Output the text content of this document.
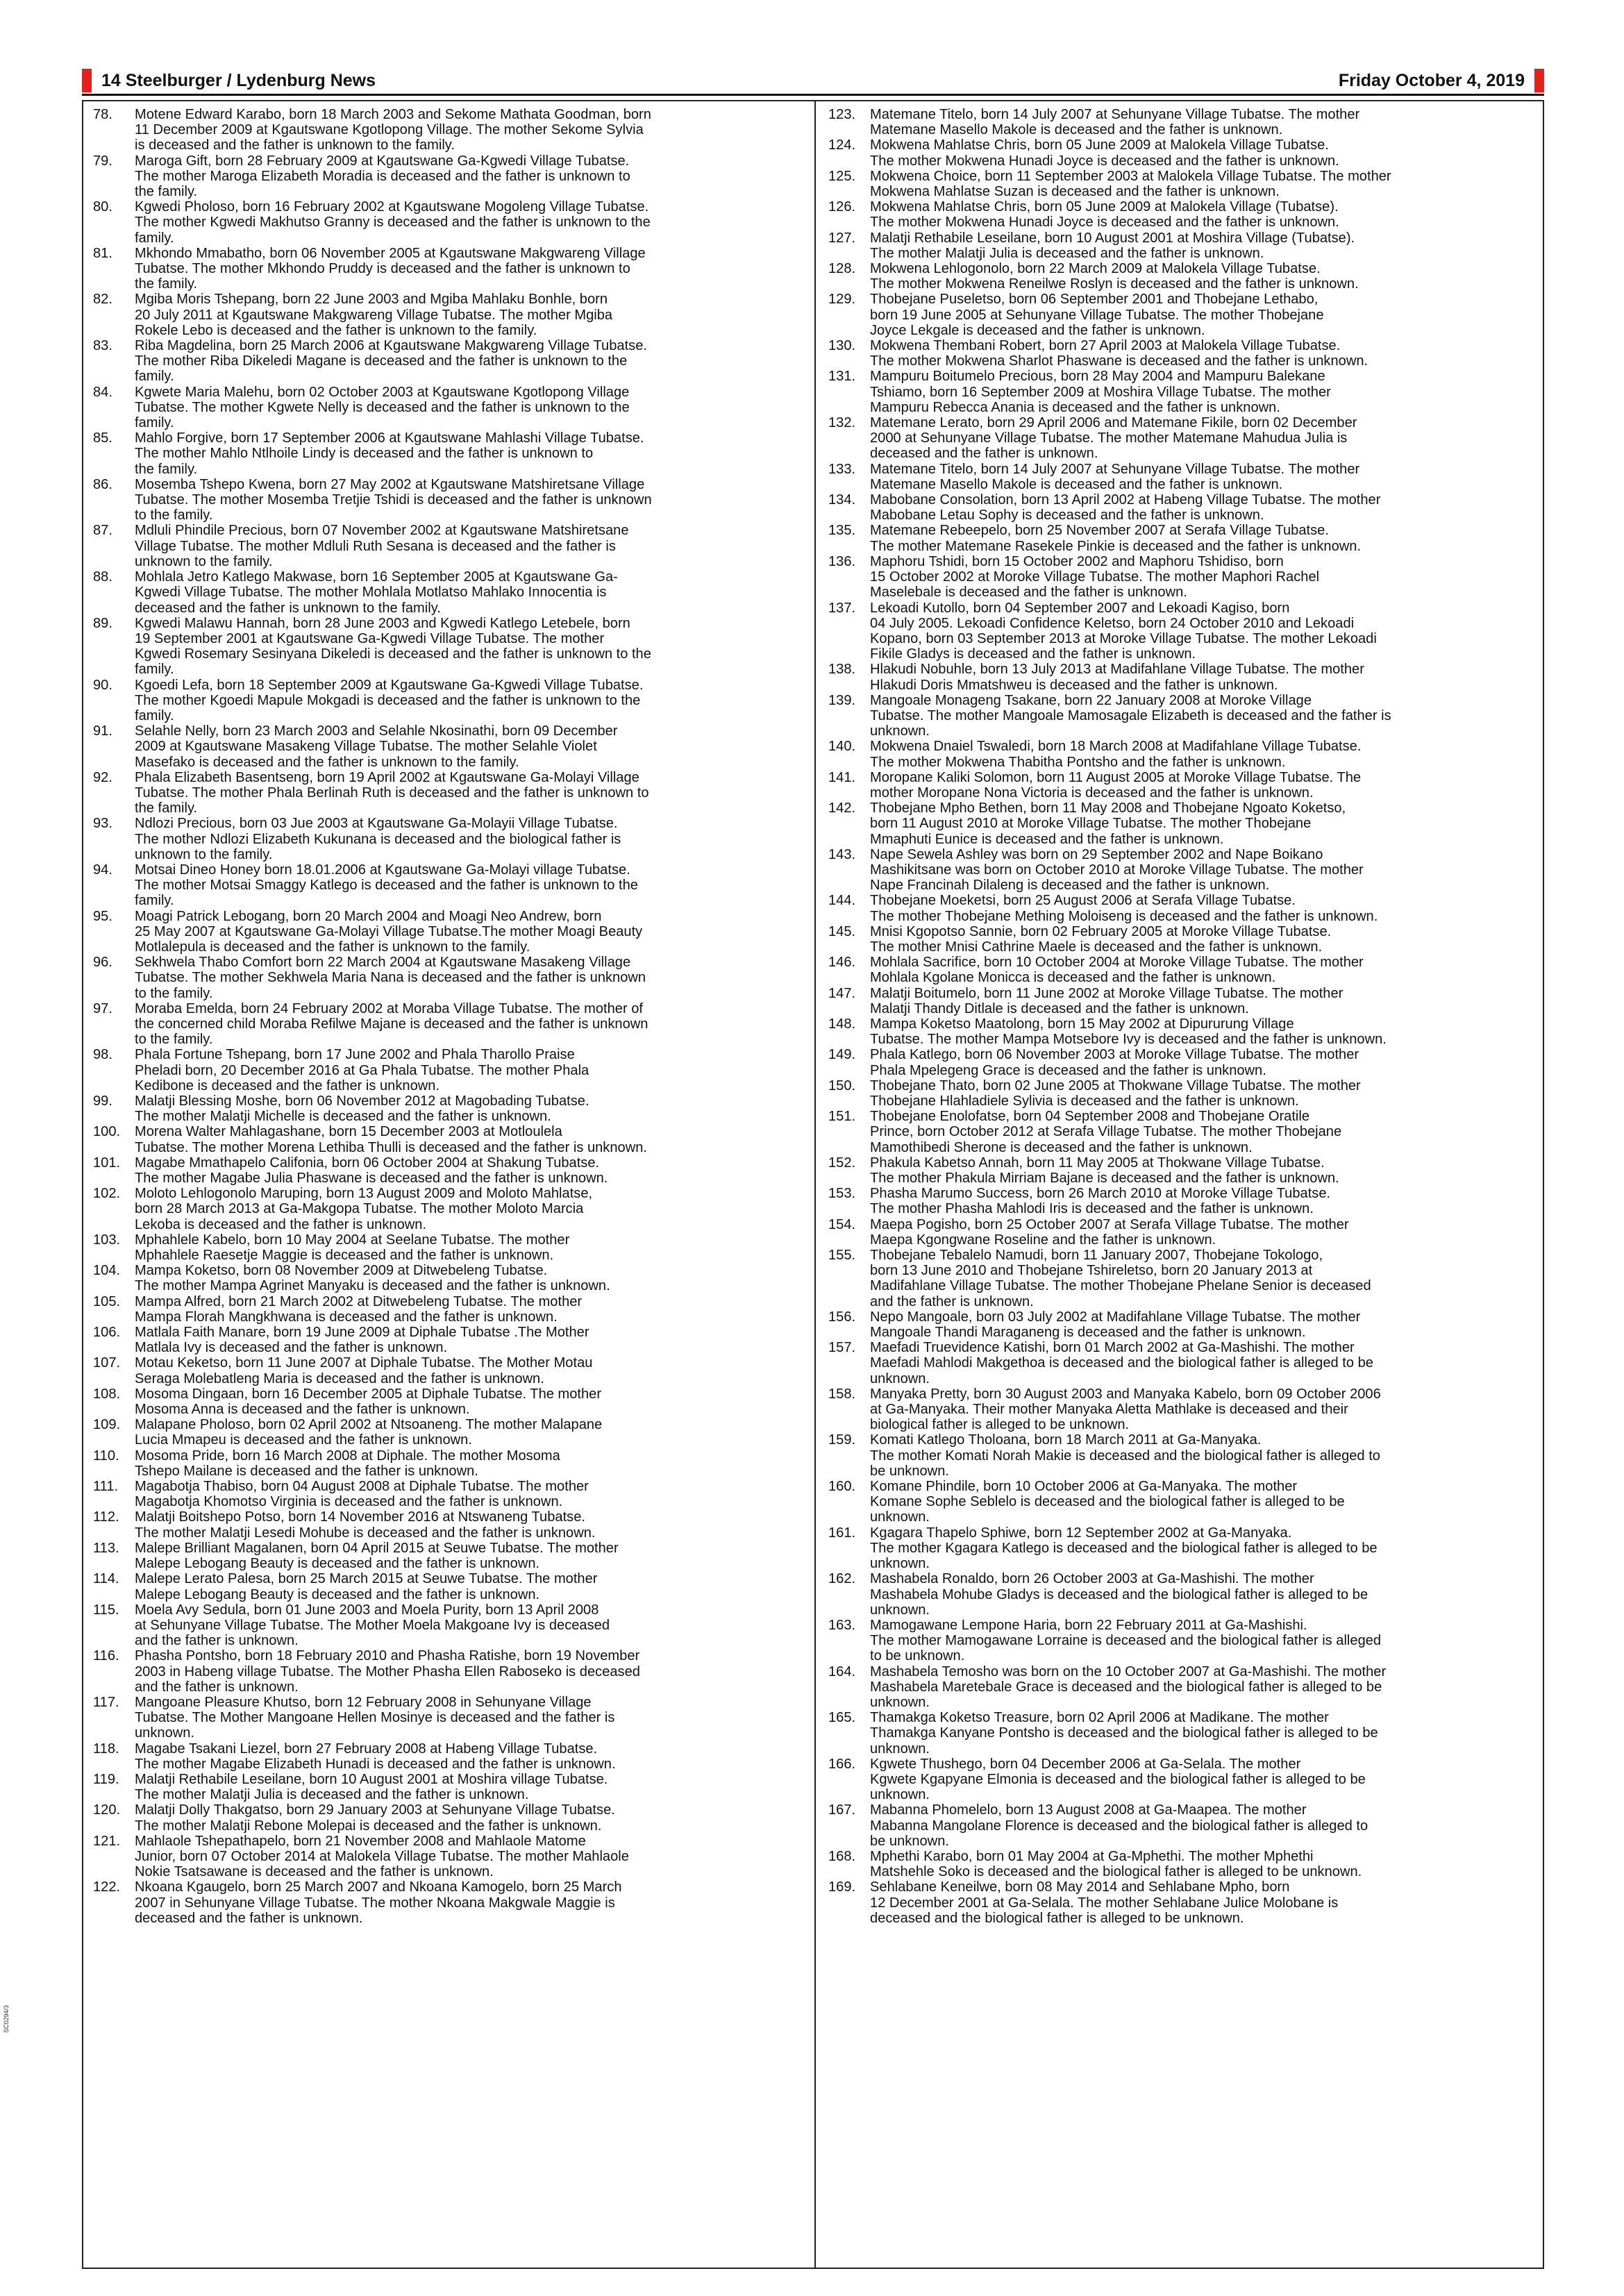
14 Steelburger / Lydenburg News	Friday October 4, 2019
78.	Motene Edward Karabo, born 18 March 2003 and Sekome Mathata Goodman, born
11 December 2009 at Kgautswane Kgotlopong Village. The mother Sekome Sylvia
is deceased and the father is unknown to the family.
79.	Maroga Gift, born 28 February 2009 at Kgautswane Ga-Kgwedi Village Tubatse.
The mother Maroga Elizabeth Moradia is deceased and the father is unknown to
the family.
80.	Kgwedi Pholoso, born 16 February 2002 at Kgautswane Mogoleng Village Tubatse.
The mother Kgwedi Makhutso Granny is deceased and the father is unknown to the
family.
81.	Mkhondo Mmabatho, born 06 November 2005 at Kgautswane Makgwareng Village
Tubatse. The mother Mkhondo Pruddy is deceased and the father is unknown to
the family.
82.	Mgiba Moris Tshepang, born 22 June 2003 and Mgiba Mahlaku Bonhle, born
20 July 2011 at Kgautswane Makgwareng Village Tubatse. The mother Mgiba
Rokele Lebo is deceased and the father is unknown to the family.
83.	Riba Magdelina, born 25 March 2006 at Kgautswane Makgwareng Village Tubatse.
The mother Riba Dikeledi Magane is deceased and the father is unknown to the
family.
84.	Kgwete Maria Malehu, born 02 October 2003 at Kgautswane Kgotlopong Village
Tubatse. The mother Kgwete Nelly is deceased and the father is unknown to the
family.
85.	Mahlo Forgive, born 17 September 2006 at Kgautswane Mahlashi Village Tubatse.
The mother Mahlo Ntlhoile Lindy is deceased and the father is unknown to
the family.
86.	Mosemba Tshepo Kwena, born 27 May 2002 at Kgautswane Matshiretsane Village
Tubatse. The mother Mosemba Tretjie Tshidi is deceased and the father is unknown
to the family.
87.	Mdluli Phindile Precious, born 07 November 2002 at Kgautswane Matshiretsane
Village Tubatse. The mother Mdluli Ruth Sesana is deceased and the father is
unknown to the family.
88.	Mohlala Jetro Katlego Makwase, born 16 September 2005 at Kgautswane Ga-
Kgwedi Village Tubatse. The mother Mohlala Motlatso Mahlako Innocentia is
deceased and the father is unknown to the family.
89.	Kgwedi Malawu Hannah, born 28 June 2003 and Kgwedi Katlego Letebele, born
19 September 2001 at Kgautswane Ga-Kgwedi Village Tubatse. The mother
Kgwedi Rosemary Sesinyana Dikeledi is deceased and the father is unknown to the
family.
90.	Kgoedi Lefa, born 18 September 2009 at Kgautswane Ga-Kgwedi Village Tubatse.
The mother Kgoedi Mapule Mokgadi is deceased and the father is unknown to the
family.
91.	Selahle Nelly, born 23 March 2003 and Selahle Nkosinathi, born 09 December
2009 at Kgautswane Masakeng Village Tubatse. The mother Selahle Violet
Masefako is deceased and the father is unknown to the family.
92.	Phala Elizabeth Basentseng, born 19 April 2002 at Kgautswane Ga-Molayi Village
Tubatse. The mother Phala Berlinah Ruth is deceased and the father is unknown to
the family.
93.	Ndlozi Precious, born 03 Jue 2003 at Kgautswane Ga-Molayii Village Tubatse.
The mother Ndlozi Elizabeth Kukunana is deceased and the biological father is
unknown to the family.
94.	Motsai Dineo Honey born 18.01.2006 at Kgautswane Ga-Molayi village Tubatse.
The mother Motsai Smaggy Katlego is deceased and the father is unknown to the
family.
95.	Moagi Patrick Lebogang, born 20 March 2004 and Moagi Neo Andrew, born
25 May 2007 at Kgautswane Ga-Molayi Village Tubatse.The mother Moagi Beauty
Motlalepula is deceased and the father is unknown to the family.
96.	Sekhwela Thabo Comfort born 22 March 2004 at Kgautswane Masakeng Village
Tubatse. The mother Sekhwela Maria Nana is deceased and the father is unknown
to the family.
97.	Moraba Emelda, born 24 February 2002 at Moraba Village Tubatse. The mother of
the concerned child Moraba Refilwe Majane is deceased and the father is unknown
to the family.
98.	Phala Fortune Tshepang, born 17 June 2002 and Phala Tharollo Praise
Pheladi born, 20 December 2016 at Ga Phala Tubatse. The mother Phala
Kedibone is deceased and the father is unknown.
99.	Malatji Blessing Moshe, born 06 November 2012 at Magobading Tubatse.
The mother Malatji Michelle is deceased and the father is unknown.
100.	Morena Walter Mahlagashane, born 15 December 2003 at Motloulela
Tubatse. The mother Morena Lethiba Thulli is deceased and the father is unknown.
101.	Magabe Mmathapelo Califonia, born 06 October 2004 at Shakung Tubatse.
The mother Magabe Julia Phaswane is deceased and the father is unknown.
102.	Moloto Lehlogonolo Maruping, born 13 August 2009 and Moloto Mahlatse,
born 28 March 2013 at Ga-Makgopa Tubatse. The mother Moloto Marcia
Lekoba is deceased and the father is unknown.
103.	Mphahlele Kabelo, born 10 May 2004 at Seelane Tubatse. The mother
Mphahlele Raesetje Maggie is deceased and the father is unknown.
104.	Mampa Koketso, born 08 November 2009 at Ditwebeleng Tubatse.
The mother Mampa Agrinet Manyaku is deceased and the father is unknown.
105.	Mampa Alfred, born 21 March 2002 at Ditwebeleng Tubatse. The mother
Mampa Florah Mangkhwana is deceased and the father is unknown.
106.	Matlala Faith Manare, born 19 June 2009 at Diphale Tubatse .The Mother
Matlala Ivy is deceased and the father is unknown.
107.	Motau Keketso, born 11 June 2007 at Diphale Tubatse. The Mother Motau
Seraga Molebatleng Maria is deceased and the father is unknown.
108.	Mosoma Dingaan, born 16 December 2005 at Diphale Tubatse. The mother
Mosoma Anna is deceased and the father is unknown.
109.	Malapane Pholoso, born 02 April 2002 at Ntsoaneng. The mother Malapane
Lucia Mmapeu is deceased and the father is unknown.
110.	Mosoma Pride, born 16 March 2008 at Diphale. The mother Mosoma
Tshepo Mailane is deceased and the father is unknown.
111.	Magabotja Thabiso, born 04 August 2008 at Diphale Tubatse. The mother
Magabotja Khomotso Virginia is deceased and the father is unknown.
112.	Malatji Boitshepo Potso, born 14 November 2016 at Ntswaneng Tubatse.
The mother Malatji Lesedi Mohube is deceased and the father is unknown.
113.	Malepe Brilliant Magalanen, born 04 April 2015 at Seuwe Tubatse. The mother
Malepe Lebogang Beauty is deceased and the father is unknown.
114.	Malepe Lerato Palesa, born 25 March 2015 at Seuwe Tubatse. The mother
Malepe Lebogang Beauty is deceased and the father is unknown.
115.	Moela Avy Sedula, born 01 June 2003 and Moela Purity, born 13 April 2008
at Sehunyane Village Tubatse. The Mother Moela Makgoane Ivy is deceased
and the father is unknown.
116.	Phasha Pontsho, born 18 February 2010 and Phasha Ratishe, born 19 November
2003 in Habeng village Tubatse. The Mother Phasha Ellen Raboseko is deceased
and the father is unknown.
117.	Mangoane Pleasure Khutso, born 12 February 2008 in Sehunyane Village
Tubatse. The Mother Mangoane Hellen Mosinye is deceased and the father is
unknown.
118.	Magabe Tsakani Liezel, born 27 February 2008 at Habeng Village Tubatse.
The mother Magabe Elizabeth Hunadi is deceased and the father is unknown.
119.	Malatji Rethabile Leseilane, born 10 August 2001 at Moshira village Tubatse.
The mother Malatji Julia is deceased and the father is unknown.
120.	Malatji Dolly Thakgatso, born 29 January 2003 at Sehunyane Village Tubatse.
The mother Malatji Rebone Molepai is deceased and the father is unknown.
121.	Mahlaole Tshepathapelo, born 21 November 2008 and Mahlaole Matome
Junior, born 07 October 2014 at Malokela Village Tubatse. The mother Mahlaole
Nokie Tsatsawane is deceased and the father is unknown.
122.	Nkoana Kgaugelo, born 25 March 2007 and Nkoana Kamogelo, born 25 March
2007 in Sehunyane Village Tubatse. The mother Nkoana Makgwale Maggie is
deceased and the father is unknown.
123.	Matemane Titelo, born 14 July 2007 at Sehunyane Village Tubatse. The mother
Matemane Masello Makole is deceased and the father is unknown.
124.	Mokwena Mahlatse Chris, born 05 June 2009 at Malokela Village Tubatse.
The mother Mokwena Hunadi Joyce is deceased and the father is unknown.
125.	Mokwena Choice, born 11 September 2003 at Malokela Village Tubatse. The mother
Mokwena Mahlatse Suzan is deceased and the father is unknown.
126.	Mokwena Mahlatse Chris, born 05 June 2009 at Malokela Village (Tubatse).
The mother Mokwena Hunadi Joyce is deceased and the father is unknown.
127.	Malatji Rethabile Leseilane, born 10 August 2001 at Moshira Village (Tubatse).
The mother Malatji Julia is deceased and the father is unknown.
128.	Mokwena Lehlogonolo, born 22 March 2009 at Malokela Village Tubatse.
The mother Mokwena Reneilwe Roslyn is deceased and the father is unknown.
129.	Thobejane Puseletso, born 06 September 2001 and Thobejane Lethabo,
born 19 June 2005 at Sehunyane Village Tubatse. The mother Thobejane
Joyce Lekgale is deceased and the father is unknown.
130.	Mokwena Thembani Robert, born 27 April 2003 at Malokela Village Tubatse.
The mother Mokwena Sharlot Phaswane is deceased and the father is unknown.
131.	Mampuru Boitumelo Precious, born 28 May 2004 and Mampuru Balekane
Tshiamo, born 16 September 2009 at Moshira Village Tubatse. The mother
Mampuru Rebecca Anania is deceased and the father is unknown.
132.	Matemane Lerato, born 29 April 2006 and Matemane Fikile, born 02 December
2000 at Sehunyane Village Tubatse. The mother Matemane Mahudua Julia is
deceased and the father is unknown.
133.	Matemane Titelo, born 14 July 2007 at Sehunyane Village Tubatse. The mother
Matemane Masello Makole is deceased and the father is unknown.
134.	Mabobane Consolation, born 13 April 2002 at Habeng Village Tubatse. The mother
Mabobane Letau Sophy is deceased and the father is unknown.
135.	Matemane Rebeepelo, born 25 November 2007 at Serafa Village Tubatse.
The mother Matemane Rasekele Pinkie is deceased and the father is unknown.
136.	Maphoru Tshidi, born 15 October 2002 and Maphoru Tshidiso, born
15 October 2002 at Moroke Village Tubatse. The mother Maphori Rachel
Maselebale is deceased and the father is unknown.
137.	Lekoadi Kutollo, born 04 September 2007 and Lekoadi Kagiso, born
04 July 2005. Lekoadi Confidence Keletso, born 24 October 2010 and Lekoadi
Kopano, born 03 September 2013 at Moroke Village Tubatse. The mother Lekoadi
Fikile Gladys is deceased and the father is unknown.
138.	Hlakudi Nobuhle, born 13 July 2013 at Madifahlane Village Tubatse. The mother
Hlakudi Doris Mmatshweu is deceased and the father is unknown.
139.	Mangoale Monageng Tsakane, born 22 January 2008 at Moroke Village
Tubatse. The mother Mangoale Mamosagale Elizabeth is deceased and the father is
unknown.
140.	Mokwena Dnaiel Tswaledi, born 18 March 2008 at Madifahlane Village Tubatse.
The mother Mokwena Thabitha Pontsho and the father is unknown.
141.	Moropane Kaliki Solomon, born 11 August 2005 at Moroke Village Tubatse. The
mother Moropane Nona Victoria is deceased and the father is unknown.
142.	Thobejane Mpho Bethen, born 11 May 2008 and Thobejane Ngoato Koketso,
born 11 August 2010 at Moroke Village Tubatse. The mother Thobejane
Mmaphuti Eunice is deceased and the father is unknown.
143.	Nape Sewela Ashley was born on 29 September 2002 and Nape Boikano
Mashikitsane was born on October 2010 at Moroke Village Tubatse. The mother
Nape Francinah Dilaleng is deceased and the father is unknown.
144.	Thobejane Moeketsi, born 25 August 2006 at Serafa Village Tubatse.
The mother Thobejane Mething Moloiseng is deceased and the father is unknown.
145.	Mnisi Kgopotso Sannie, born 02 February 2005 at Moroke Village Tubatse.
The mother Mnisi Cathrine Maele is deceased and the father is unknown.
146.	Mohlala Sacrifice, born 10 October 2004 at Moroke Village Tubatse. The mother
Mohlala Kgolane Monicca is deceased and the father is unknown.
147.	Malatji Boitumelo, born 11 June 2002 at Moroke Village Tubatse. The mother
Malatji Thandy Ditlale is deceased and the father is unknown.
148.	Mampa Koketso Maatolong, born 15 May 2002 at Dipururung Village
Tubatse. The mother Mampa Motsebore Ivy is deceased and the father is unknown.
149.	Phala Katlego, born 06 November 2003 at Moroke Village Tubatse. The mother
Phala Mpelegeng Grace is deceased and the father is unknown.
150.	Thobejane Thato, born 02 June 2005 at Thokwane Village Tubatse. The mother
Thobejane Hlahladiele Sylivia is deceased and the father is unknown.
151.	Thobejane Enolofatse, born 04 September 2008 and Thobejane Oratile
Prince, born October 2012 at Serafa Village Tubatse. The mother Thobejane
Mamothibedi Sherone is deceased and the father is unknown.
152.	Phakula Kabetso Annah, born 11 May 2005 at Thokwane Village Tubatse.
The mother Phakula Mirriam Bajane is deceased and the father is unknown.
153.	Phasha Marumo Success, born 26 March 2010 at Moroke Village Tubatse.
The mother Phasha Mahlodi Iris is deceased and the father is unknown.
154.	Maepa Pogisho, born 25 October 2007 at Serafa Village Tubatse. The mother
Maepa Kgongwane Roseline and the father is unknown.
155.	Thobejane Tebalelo Namudi, born 11 January 2007, Thobejane Tokologo,
born 13 June 2010 and Thobejane Tshireletso, born 20 January 2013 at
Madifahlane Village Tubatse. The mother Thobejane Phelane Senior is deceased
and the father is unknown.
156.	Nepo Mangoale, born 03 July 2002 at Madifahlane Village Tubatse. The mother
Mangoale Thandi Maraganeng is deceased and the father is unknown.
157.	Maefadi Truevidence Katishi, born 01 March 2002 at Ga-Mashishi. The mother
Maefadi Mahlodi Makgethoa is deceased and the biological father is alleged to be
unknown.
158.	Manyaka Pretty, born 30 August 2003 and Manyaka Kabelo, born 09 October 2006
at Ga-Manyaka. Their mother Manyaka Aletta Mathlake is deceased and their
biological father is alleged to be unknown.
159.	Komati Katlego Tholoana, born 18 March 2011 at Ga-Manyaka.
The mother Komati Norah Makie is deceased and the biological father is alleged to
be unknown.
160.	Komane Phindile, born 10 October 2006 at Ga-Manyaka. The mother
Komane Sophe Seblelo is deceased and the biological father is alleged to be
unknown.
161.	Kgagara Thapelo Sphiwe, born 12 September 2002 at Ga-Manyaka.
The mother Kgagara Katlego is deceased and the biological father is alleged to be
unknown.
162.	Mashabela Ronaldo, born 26 October 2003 at Ga-Mashishi. The mother
Mashabela Mohube Gladys is deceased and the biological father is alleged to be
unknown.
163.	Mamogawane Lempone Haria, born 22 February 2011 at Ga-Mashishi.
The mother Mamogawane Lorraine is deceased and the biological father is alleged
to be unknown.
164.	Mashabela Temosho was born on the 10 October 2007 at Ga-Mashishi. The mother
Mashabela Maretebale Grace is deceased and the biological father is alleged to be
unknown.
165.	Thamakga Koketso Treasure, born 02 April 2006 at Madikane. The mother
Thamakga Kanyane Pontsho is deceased and the biological father is alleged to be
unknown.
166.	Kgwete Thushego, born 04 December 2006 at Ga-Selala. The mother
Kgwete Kgapyane Elmonia is deceased and the biological father is alleged to be
unknown.
167.	Mabanna Phomelelo, born 13 August 2008 at Ga-Maapea. The mother
Mabanna Mangolane Florence is deceased and the biological father is alleged to
be unknown.
168.	Mphethi Karabo, born 01 May 2004 at Ga-Mphethi. The mother Mphethi
Matshehle Soko is deceased and the biological father is alleged to be unknown.
169.	Sehlabane Keneilwe, born 08 May 2014 and Sehlabane Mpho, born
12 December 2001 at Ga-Selala. The mother Sehlabane Julice Molobane is
deceased and the biological father is alleged to be unknown.
SC0294/3
